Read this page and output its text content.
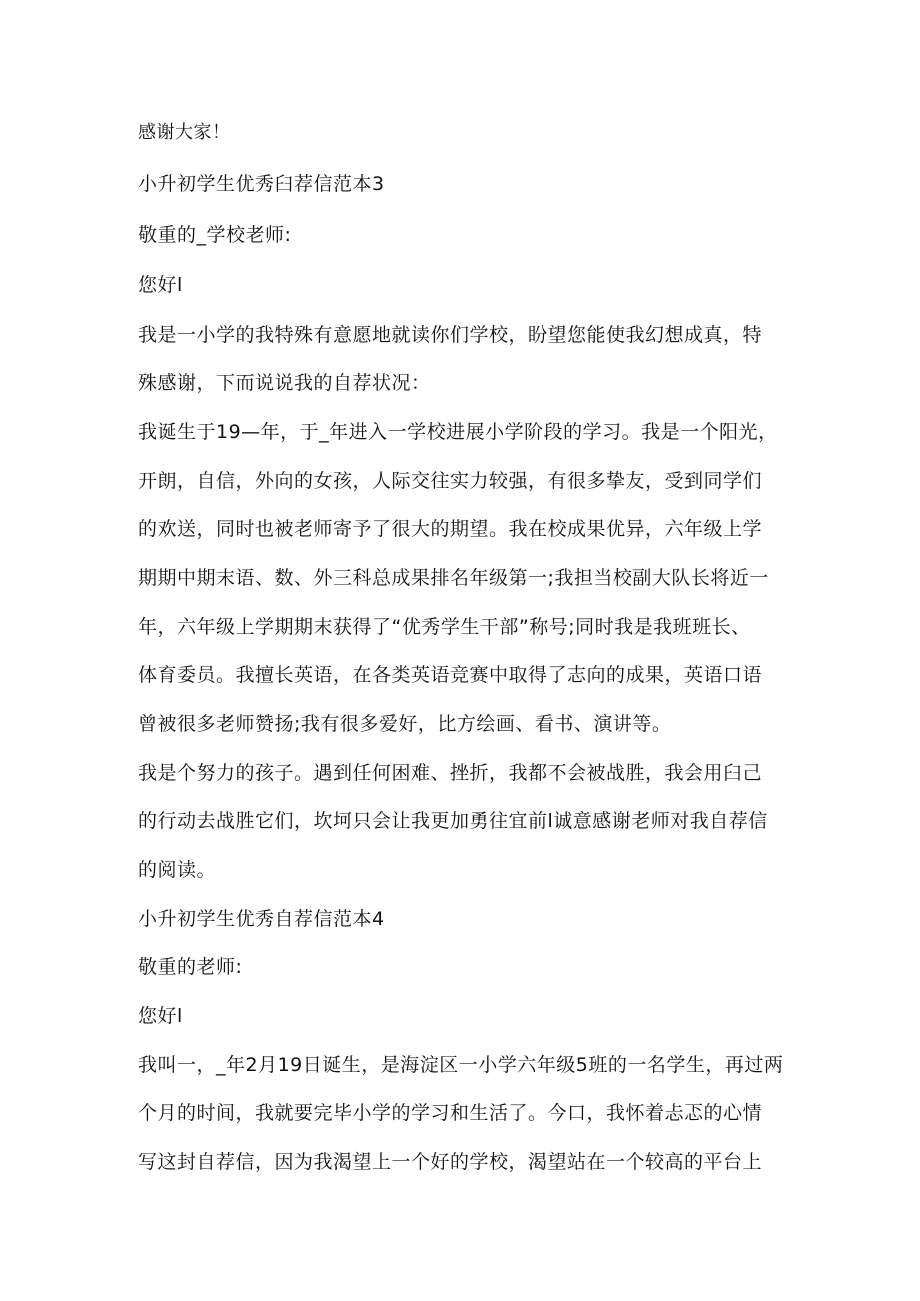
感谢大家！

小升初学生优秀臼荐信范本3

敬重的_学校老师:

您好l

我是一小学的我特殊有意愿地就读你们学校，盼望您能使我幻想成真，特

殊感谢，下而说说我的自荐状况：

我诞生于19—年，于_年进入一学校进展小学阶段的学习。我是一个阳光，

开朗，自信，外向的女孩，人际交往实力较强，有很多挚友，受到同学们

的欢送，同时也被老师寄予了很大的期望。我在校成果优异，六年级上学

期期中期末语、数、外三科总成果排名年级第一;我担当校副大队长将近一

年，六年级上学期期末获得了“优秀学生干部”称号;同时我是我班班长、

体育委员。我擅长英语，在各类英语竞赛中取得了志向的成果，英语口语

曾被很多老师赞扬;我有很多爱好，比方绘画、看书、演讲等。

我是个努力的孩子。遇到任何困难、挫折，我都不会被战胜，我会用臼己

的行动去战胜它们，坎坷只会让我更加勇往宜前l诚意感谢老师对我自荐信

的阅读。

小升初学生优秀自荐信范本4

敬重的老师:

您好l

我叫一，_年2月19日诞生，是海淀区一小学六年级5班的一名学生，再过两

个月的时间，我就要完毕小学的学习和生活了。今口，我怀着忐忑的心情

写这封自荐信，因为我渴望上一个好的学校，渴望站在一个较高的平台上
